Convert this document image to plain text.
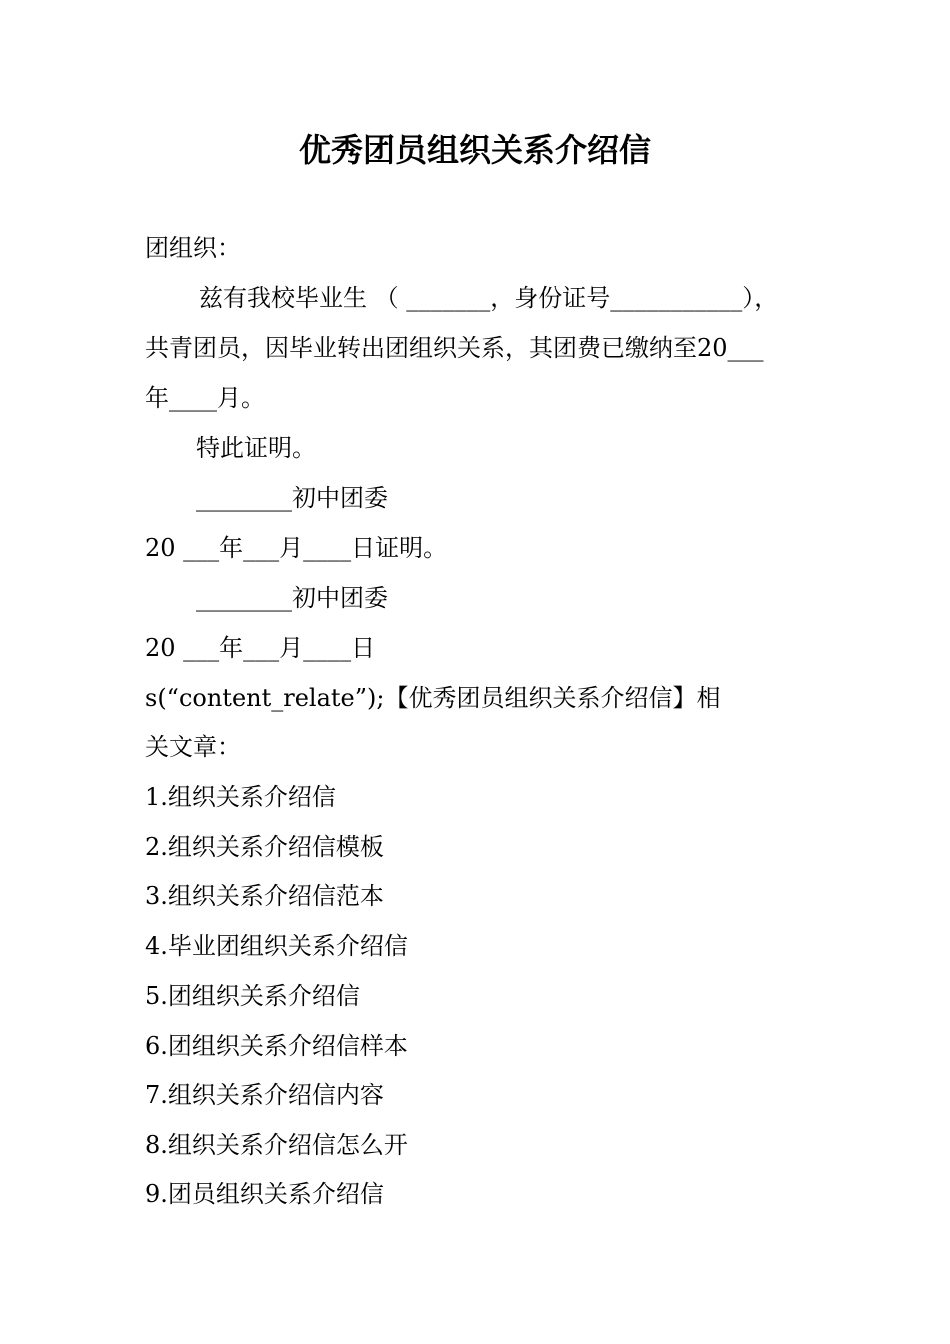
优秀团员组织关系介绍信
团组织：
兹有我校毕业生 （ _______，身份证号___________），
共青团员，因毕业转出团组织关系，其团费已缴纳至20___
年____月。
特此证明。
________初中团委
20 ___年___月____日证明。
________初中团委
20 ___年___月____日
s(“content_relate”);【优秀团员组织关系介绍信】相
关文章：
1.组织关系介绍信
2.组织关系介绍信模板
3.组织关系介绍信范本
4.毕业团组织关系介绍信
5.团组织关系介绍信
6.团组织关系介绍信样本
7.组织关系介绍信内容
8.组织关系介绍信怎么开
9.团员组织关系介绍信
